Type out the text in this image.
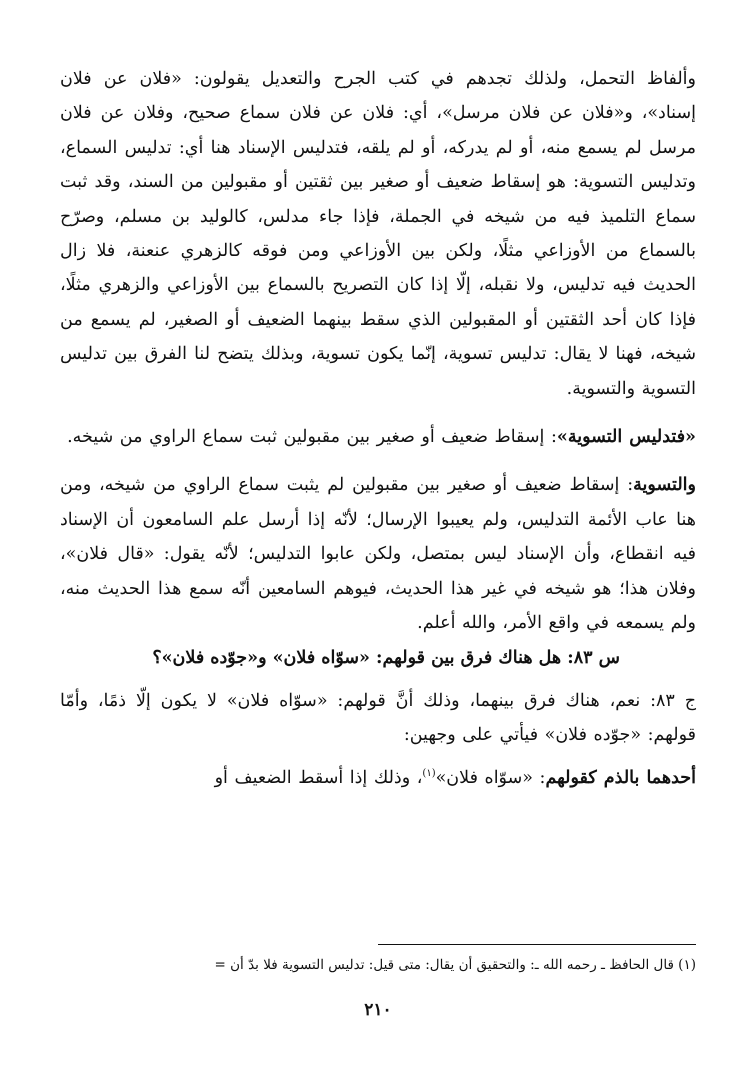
وألفاظ التحمل، ولذلك تجدهم في كتب الجرح والتعديل يقولون: «فلان عن فلان إسناد»، و«فلان عن فلان مرسل»، أي: فلان عن فلان سماع صحيح، وفلان عن فلان مرسل لم يسمع منه، أو لم يدركه، أو لم يلقه، فتدليس الإسناد هنا أي: تدليس السماع، وتدليس التسوية: هو إسقاط ضعيف أو صغير بين ثقتين أو مقبولين من السند، وقد ثبت سماع التلميذ فيه من شيخه في الجملة، فإذا جاء مدلس، كالوليد بن مسلم، وصرّح بالسماع من الأوزاعي مثلًا، ولكن بين الأوزاعي ومن فوقه كالزهري عنعنة، فلا زال الحديث فيه تدليس، ولا نقبله، إلّا إذا كان التصريح بالسماع بين الأوزاعي والزهري مثلًا، فإذا كان أحد الثقتين أو المقبولين الذي سقط بينهما الضعيف أو الصغير، لم يسمع من شيخه، فهنا لا يقال: تدليس تسوية، إنّما يكون تسوية، وبذلك يتضح لنا الفرق بين تدليس التسوية والتسوية.

«فتدليس التسوية»: إسقاط ضعيف أو صغير بين مقبولين ثبت سماع الراوي من شيخه.

والتسوية: إسقاط ضعيف أو صغير بين مقبولين لم يثبت سماع الراوي من شيخه، ومن هنا عاب الأئمة التدليس، ولم يعيبوا الإرسال؛ لأنّه إذا أرسل علم السامعون أن الإسناد فيه انقطاع، وأن الإسناد ليس بمتصل، ولكن عابوا التدليس؛ لأنّه يقول: «قال فلان»، وفلان هذا؛ هو شيخه في غير هذا الحديث، فيوهم السامعين أنّه سمع هذا الحديث منه، ولم يسمعه في واقع الأمر، والله أعلم.

س ٨٣: هل هناك فرق بين قولهم: «سوّاه فلان» و«جوّده فلان»؟

ج ٨٣: نعم، هناك فرق بينهما، وذلك أنَّ قولهم: «سوّاه فلان» لا يكون إلّا ذمًا، وأمّا قولهم: «جوّده فلان» فيأتي على وجهين:

أحدهما بالذم كقولهم: «سوّاه فلان»$^{(١)}$، وذلك إذا أسقط الضعيف أو

(١) قال الحافظ ـ رحمه الله ـ: والتحقيق أن يقال: متى قيل: تدليس التسوية فلا بدّ أن =

٢١٠
